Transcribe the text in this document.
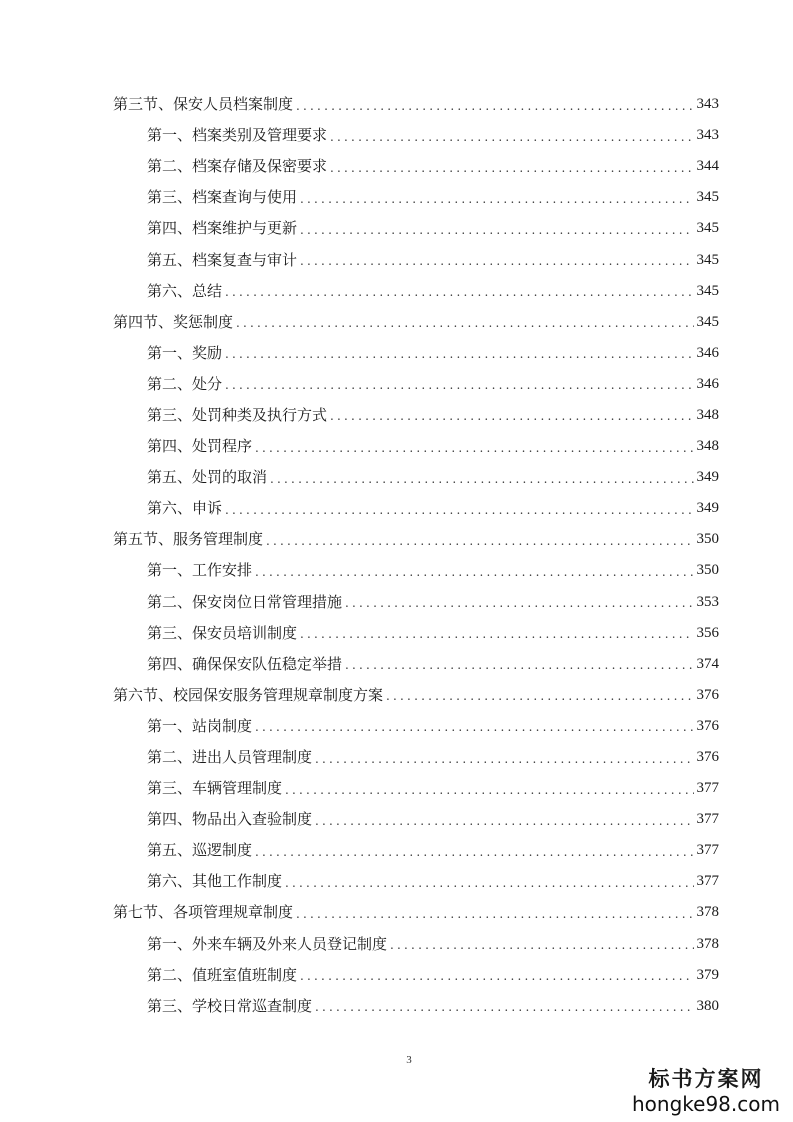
第三节、保安人员档案制度 .....	343
第一、档案类别及管理要求 .....	343
第二、档案存储及保密要求 .....	344
第三、档案查询与使用 .....	345
第四、档案维护与更新 .....	345
第五、档案复查与审计 .....	345
第六、总结 .....	345
第四节、奖惩制度 .....	345
第一、奖励 .....	346
第二、处分 .....	346
第三、处罚种类及执行方式 .....	348
第四、处罚程序 .....	348
第五、处罚的取消 .....	349
第六、申诉 .....	349
第五节、服务管理制度 .....	350
第一、工作安排 .....	350
第二、保安岗位日常管理措施 .....	353
第三、保安员培训制度 .....	356
第四、确保保安队伍稳定举措 .....	374
第六节、校园保安服务管理规章制度方案 .....	376
第一、站岗制度 .....	376
第二、进出人员管理制度 .....	376
第三、车辆管理制度 .....	377
第四、物品出入查验制度 .....	377
第五、巡逻制度 .....	377
第六、其他工作制度 .....	377
第七节、各项管理规章制度 .....	378
第一、外来车辆及外来人员登记制度 .....	378
第二、值班室值班制度 .....	379
第三、学校日常巡查制度 .....	380
3
标书方案网
hongke98.com
